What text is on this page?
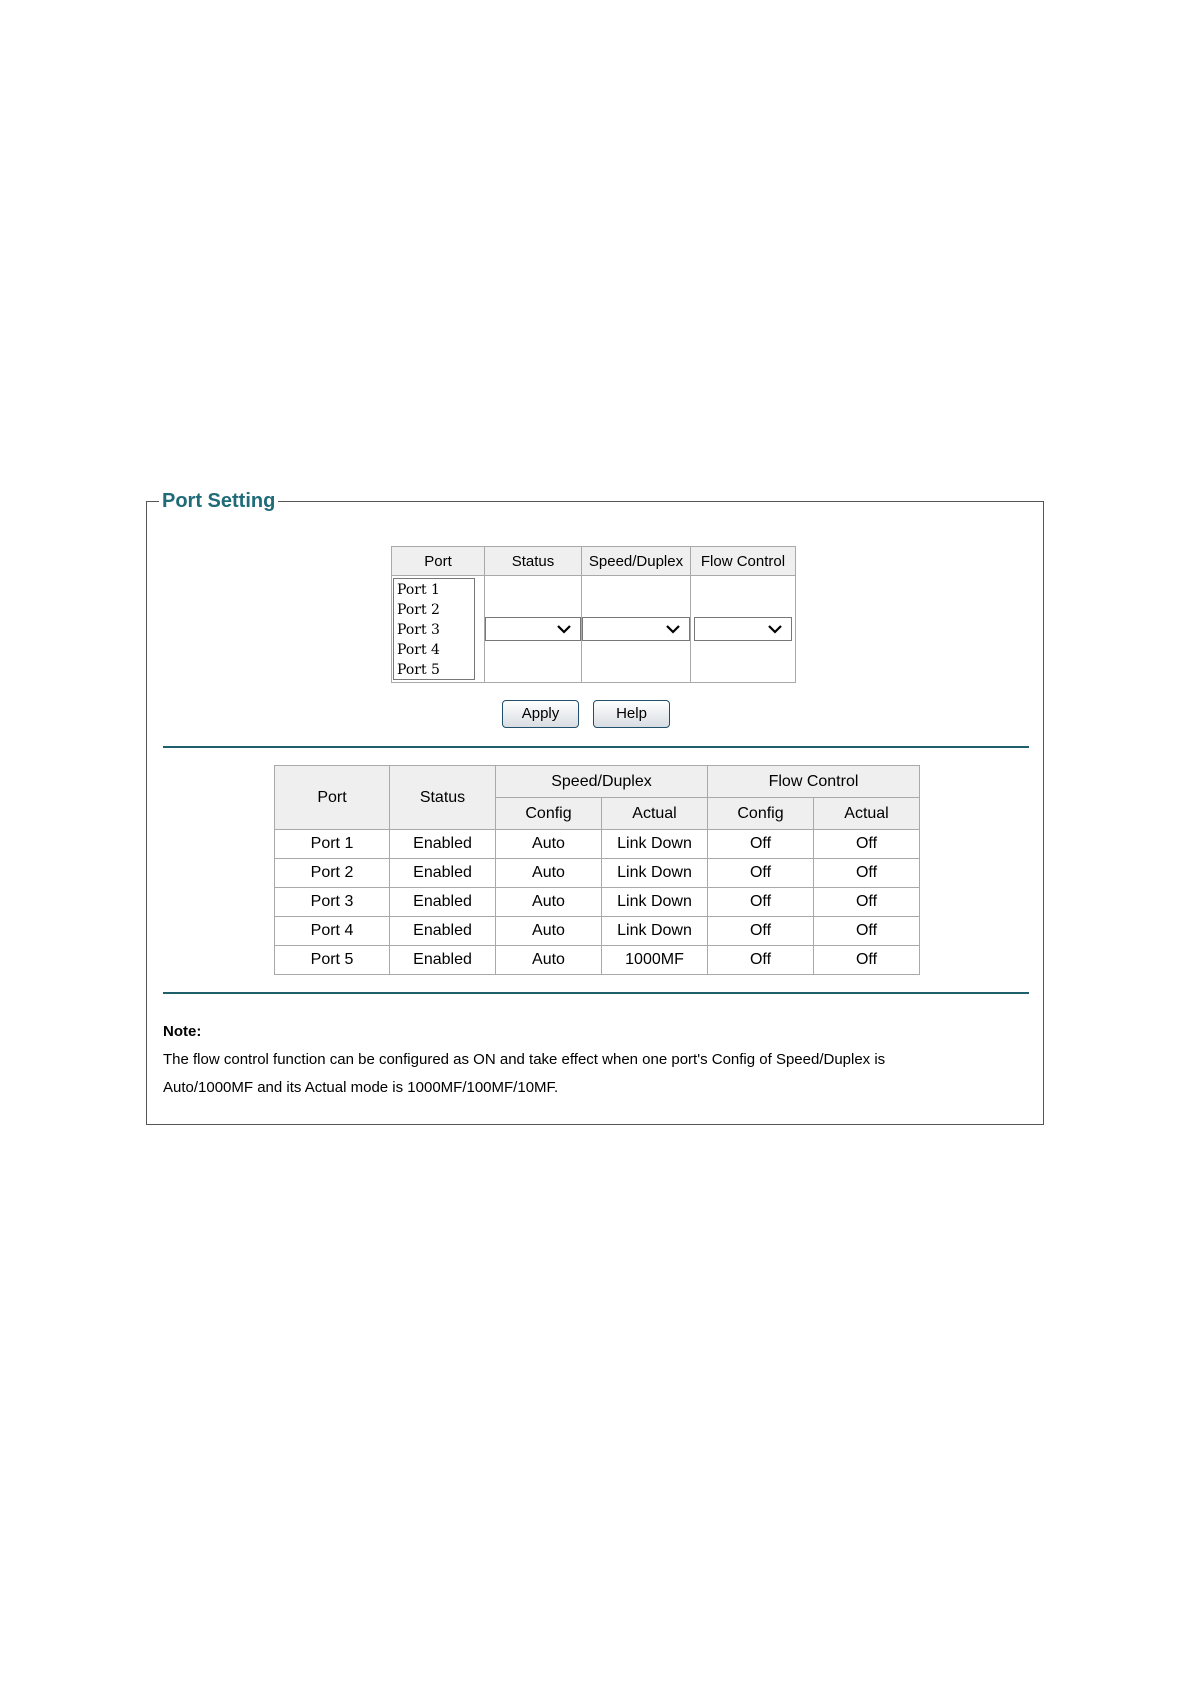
Port Setting
Port	Status	Speed/Duplex	Flow Control

Port 1
Port 2
Port 3
Port 4
Port 5

Apply	Help
Port	Status	Speed/Duplex		Flow Control	
		Config	Actual	Config	Actual
Port 1	Enabled	Auto	Link Down	Off	Off
Port 2	Enabled	Auto	Link Down	Off	Off
Port 3	Enabled	Auto	Link Down	Off	Off
Port 4	Enabled	Auto	Link Down	Off	Off
Port 5	Enabled	Auto	1000MF	Off	Off
Note:
The flow control function can be configured as ON and take effect when one port's Config of Speed/Duplex is
Auto/1000MF and its Actual mode is 1000MF/100MF/10MF.
